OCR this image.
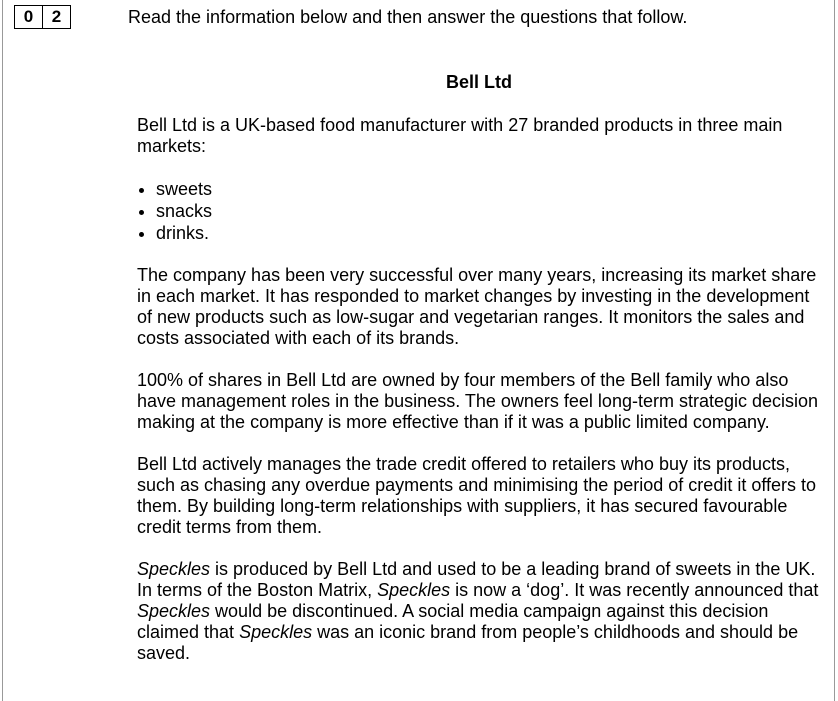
0	2	Read the information below and then answer the questions that follow.
Bell Ltd

Bell Ltd is a UK-based food manufacturer with 27 branded products in three main markets:

• sweets
• snacks
• drinks.

The company has been very successful over many years, increasing its market share in each market. It has responded to market changes by investing in the development of new products such as low-sugar and vegetarian ranges. It monitors the sales and costs associated with each of its brands.

100% of shares in Bell Ltd are owned by four members of the Bell family who also have management roles in the business. The owners feel long-term strategic decision making at the company is more effective than if it was a public limited company.

Bell Ltd actively manages the trade credit offered to retailers who buy its products, such as chasing any overdue payments and minimising the period of credit it offers to them. By building long-term relationships with suppliers, it has secured favourable credit terms from them.

Speckles is produced by Bell Ltd and used to be a leading brand of sweets in the UK. In terms of the Boston Matrix, Speckles is now a ‘dog’. It was recently announced that Speckles would be discontinued. A social media campaign against this decision claimed that Speckles was an iconic brand from people’s childhoods and should be saved.
